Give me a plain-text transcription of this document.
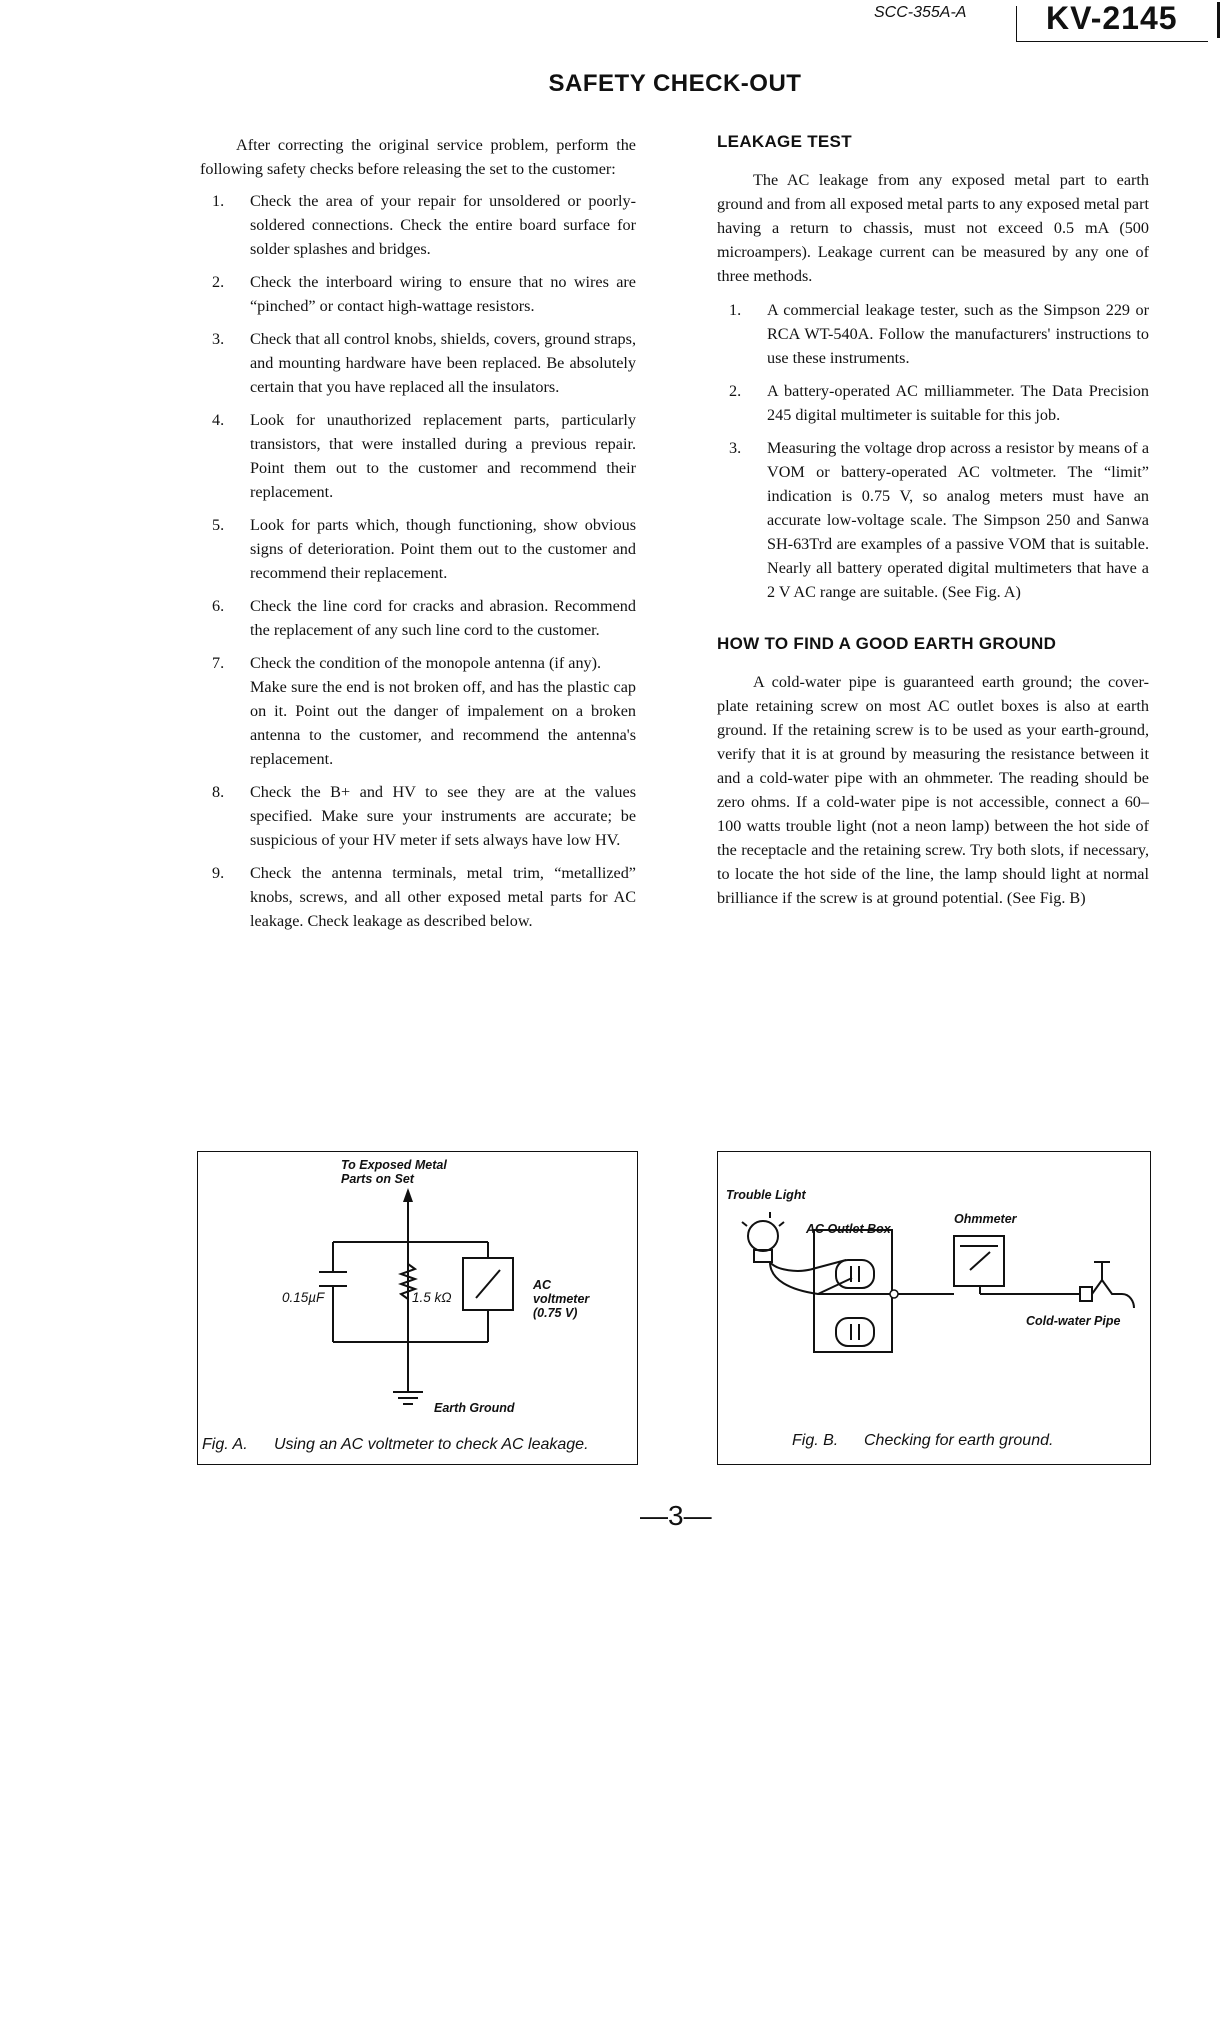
SCC-355A-A KV-2145
SAFETY CHECK-OUT

After correcting the original service problem, perform the following safety checks before releasing the set to the customer:

1. Check the area of your repair for unsoldered or poorly-soldered connections. Check the entire board surface for solder splashes and bridges.
2. Check the interboard wiring to ensure that no wires are “pinched” or contact high-wattage resistors.
3. Check that all control knobs, shields, covers, ground straps, and mounting hardware have been replaced. Be absolutely certain that you have replaced all the insulators.
4. Look for unauthorized replacement parts, particularly transistors, that were installed during a previous repair. Point them out to the customer and recommend their replacement.
5. Look for parts which, though functioning, show obvious signs of deterioration. Point them out to the customer and recommend their replacement.
6. Check the line cord for cracks and abrasion. Recommend the replacement of any such line cord to the customer.
7. Check the condition of the monopole antenna (if any).
Make sure the end is not broken off, and has the plastic cap on it. Point out the danger of impalement on a broken antenna to the customer, and recommend the antenna's replacement.
8. Check the B+ and HV to see they are at the values specified. Make sure your instruments are accurate; be suspicious of your HV meter if sets always have low HV.
9. Check the antenna terminals, metal trim, “metallized” knobs, screws, and all other exposed metal parts for AC leakage. Check leakage as described below.
LEAKAGE TEST

The AC leakage from any exposed metal part to earth ground and from all exposed metal parts to any exposed metal part having a return to chassis, must not exceed 0.5 mA (500 microampers). Leakage current can be measured by any one of three methods.

1. A commercial leakage tester, such as the Simpson 229 or RCA WT-540A. Follow the manufacturers' instructions to use these instruments.
2. A battery-operated AC milliammeter. The Data Precision 245 digital multimeter is suitable for this job.
3. Measuring the voltage drop across a resistor by means of a VOM or battery-operated AC voltmeter. The “limit” indication is 0.75 V, so analog meters must have an accurate low-voltage scale. The Simpson 250 and Sanwa SH-63Trd are examples of a passive VOM that is suitable. Nearly all battery operated digital multimeters that have a 2 V AC range are suitable. (See Fig. A)
HOW TO FIND A GOOD EARTH GROUND

A cold-water pipe is guaranteed earth ground; the cover-plate retaining screw on most AC outlet boxes is also at earth ground. If the retaining screw is to be used as your earth-ground, verify that it is at ground by measuring the resistance between it and a cold-water pipe with an ohmmeter. The reading should be zero ohms. If a cold-water pipe is not accessible, connect a 60–100 watts trouble light (not a neon lamp) between the hot side of the receptacle and the retaining screw. Try both slots, if necessary, to locate the hot side of the line, the lamp should light at normal brilliance if the screw is at ground potential. (See Fig. B)

To Exposed Metal
Parts on Set
0.15µF	1.5 kΩ
AC
voltmeter
(0.75 V)
Earth Ground
Fig. A. Using an AC voltmeter to check AC leakage.
Trouble Light
AC Outlet Box
Ohmmeter
Cold-water Pipe
Fig. B. Checking for earth ground.
—3—
